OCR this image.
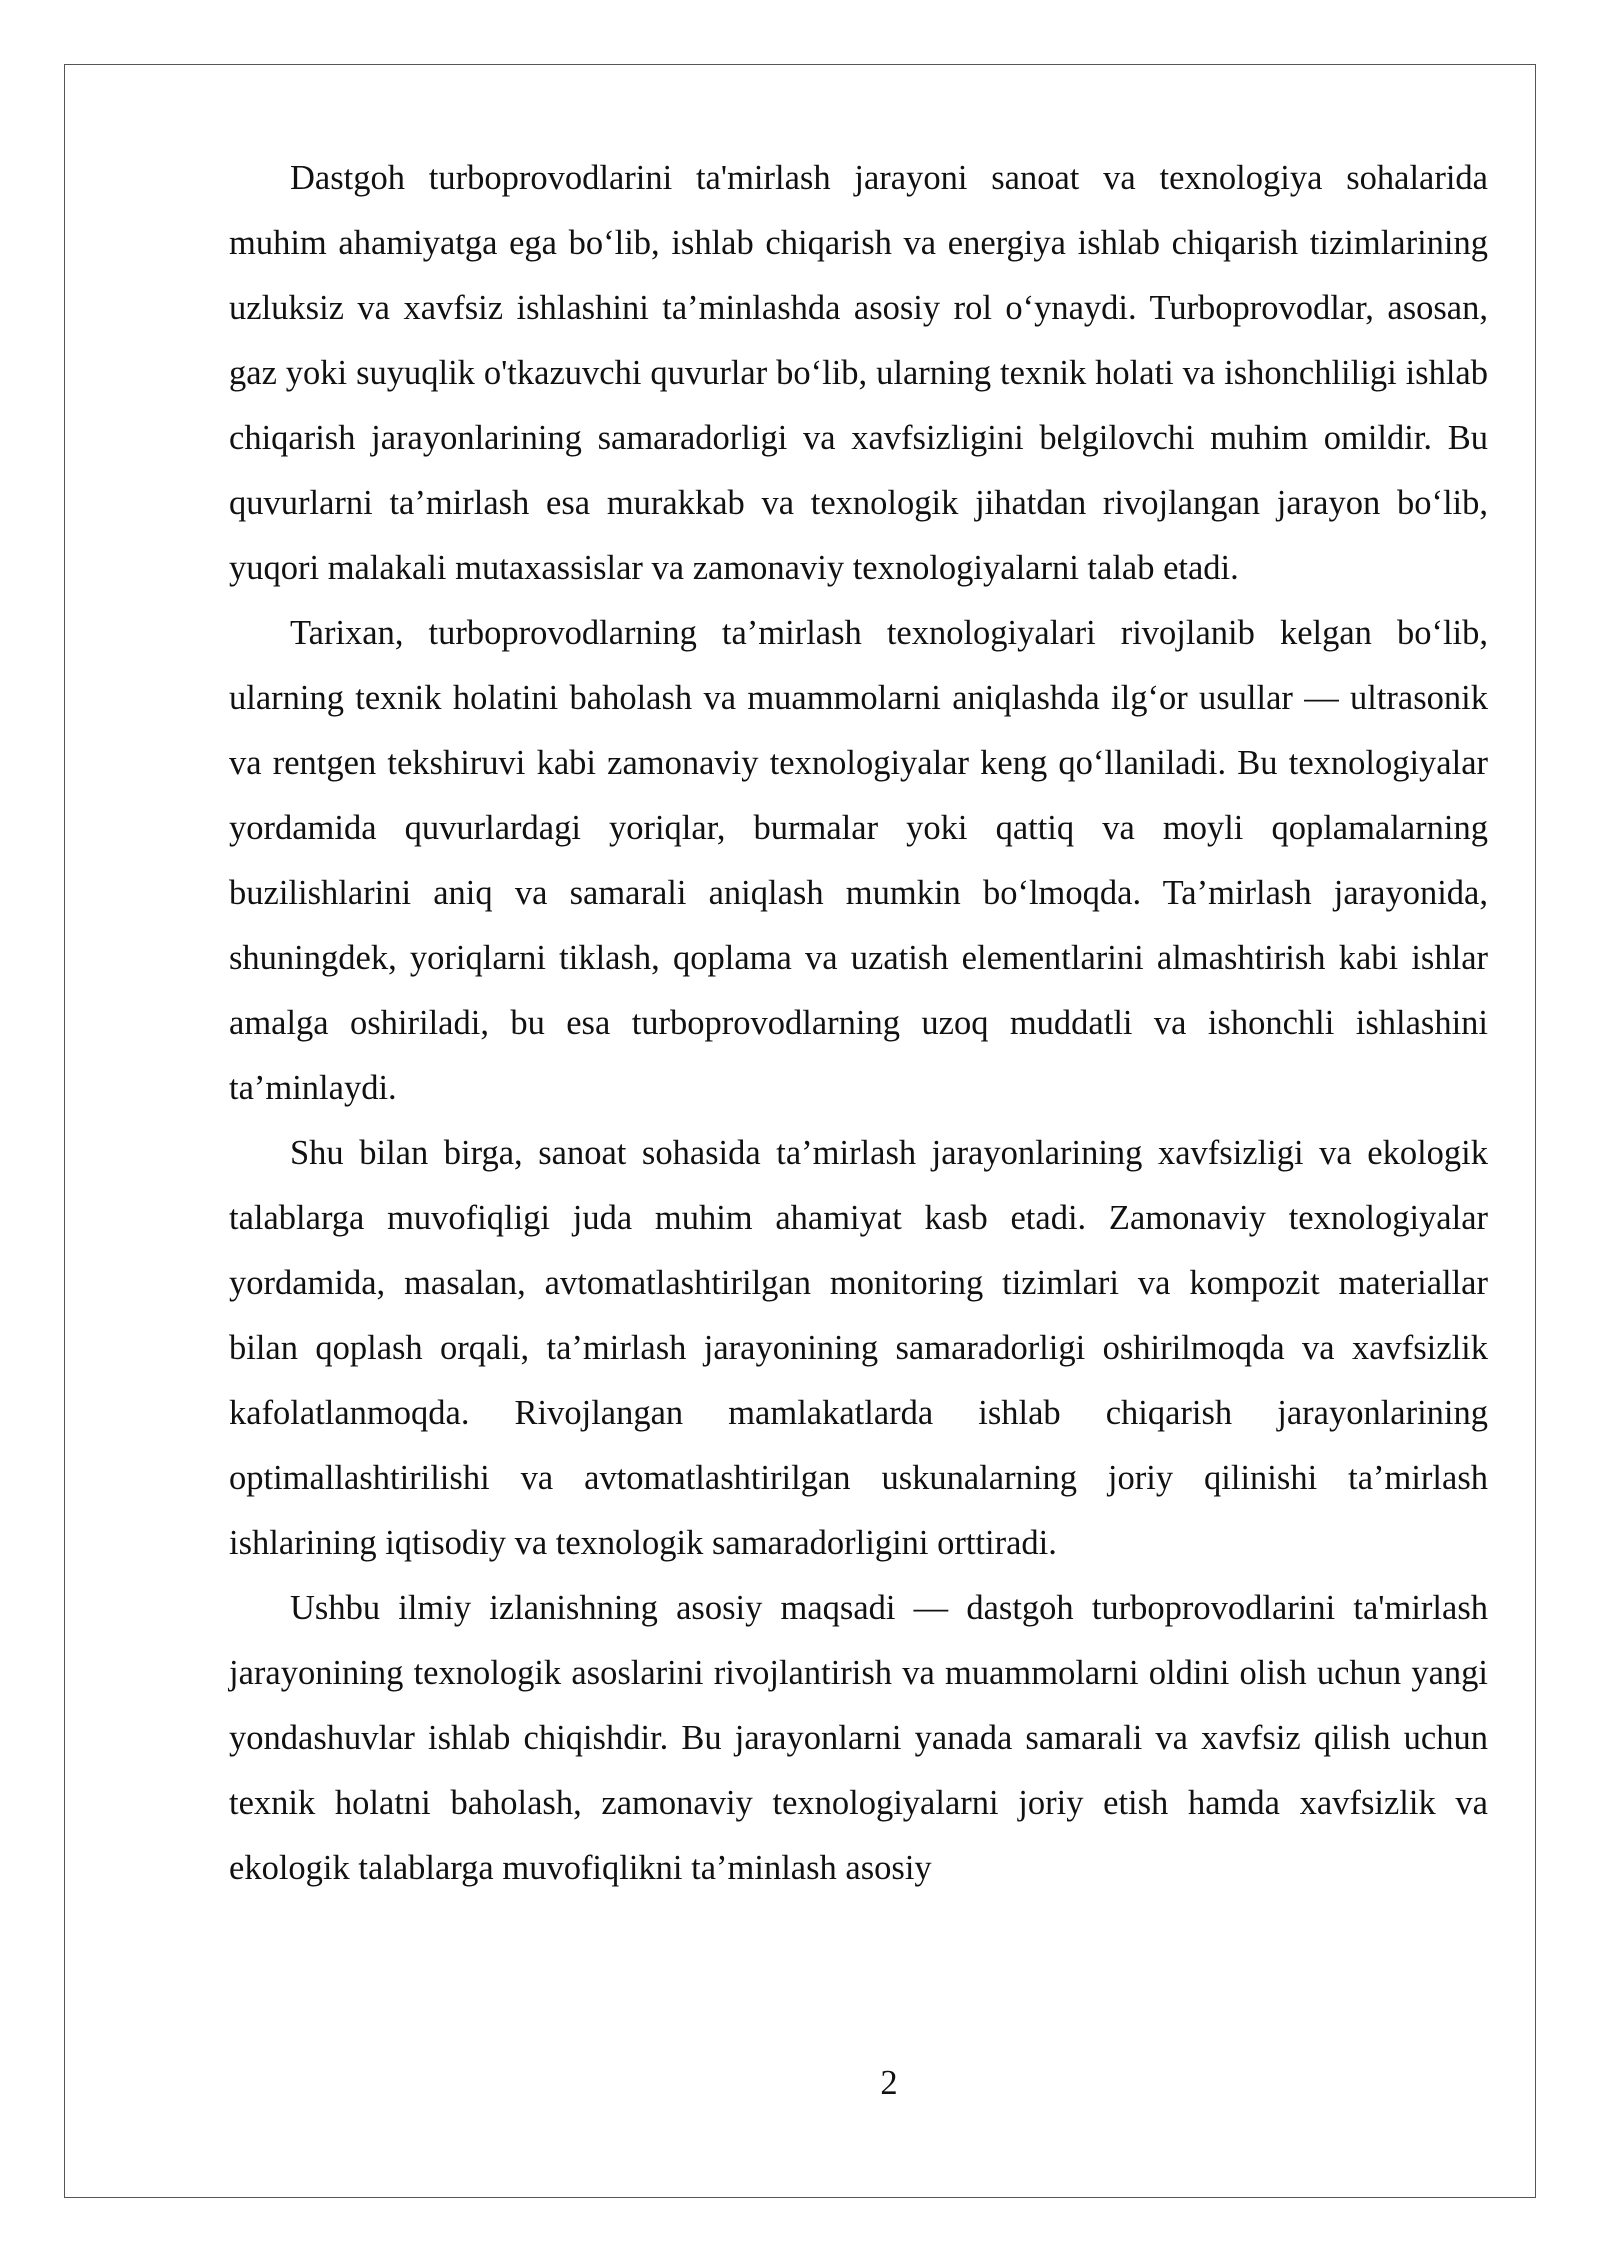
Dastgoh turboprovodlarini ta'mirlash jarayoni sanoat va texnologiya sohalarida muhim ahamiyatga ega bo‘lib, ishlab chiqarish va energiya ishlab chiqarish tizimlarining uzluksiz va xavfsiz ishlashini ta’minlashda asosiy rol o‘ynaydi. Turboprovodlar, asosan, gaz yoki suyuqlik o'tkazuvchi quvurlar bo‘lib, ularning texnik holati va ishonchliligi ishlab chiqarish jarayonlarining samaradorligi va xavfsizligini belgilovchi muhim omildir. Bu quvurlarni ta’mirlash esa murakkab va texnologik jihatdan rivojlangan jarayon bo‘lib, yuqori malakali mutaxassislar va zamonaviy texnologiyalarni talab etadi.

Tarixan, turboprovodlarning ta’mirlash texnologiyalari rivojlanib kelgan bo‘lib, ularning texnik holatini baholash va muammolarni aniqlashda ilg‘or usullar — ultrasonik va rentgen tekshiruvi kabi zamonaviy texnologiyalar keng qo‘llaniladi. Bu texnologiyalar yordamida quvurlardagi yoriqlar, burmalar yoki qattiq va moyli qoplamalarning buzilishlarini aniq va samarali aniqlash mumkin bo‘lmoqda. Ta’mirlash jarayonida, shuningdek, yoriqlarni tiklash, qoplama va uzatish elementlarini almashtirish kabi ishlar amalga oshiriladi, bu esa turboprovodlarning uzoq muddatli va ishonchli ishlashini ta’minlaydi.

Shu bilan birga, sanoat sohasida ta’mirlash jarayonlarining xavfsizligi va ekologik talablarga muvofiqligi juda muhim ahamiyat kasb etadi. Zamonaviy texnologiyalar yordamida, masalan, avtomatlashtirilgan monitoring tizimlari va kompozit materiallar bilan qoplash orqali, ta’mirlash jarayonining samaradorligi oshirilmoqda va xavfsizlik kafolatlanmoqda. Rivojlangan mamlakatlarda ishlab chiqarish jarayonlarining optimallashtirilishi va avtomatlashtirilgan uskunalarning joriy qilinishi ta’mirlash ishlarining iqtisodiy va texnologik samaradorligini orttiradi.

Ushbu ilmiy izlanishning asosiy maqsadi — dastgoh turboprovodlarini ta'mirlash jarayonining texnologik asoslarini rivojlantirish va muammolarni oldini olish uchun yangi yondashuvlar ishlab chiqishdir. Bu jarayonlarni yanada samarali va xavfsiz qilish uchun texnik holatni baholash, zamonaviy texnologiyalarni joriy etish hamda xavfsizlik va ekologik talablarga muvofiqlikni ta’minlash asosiy

2
